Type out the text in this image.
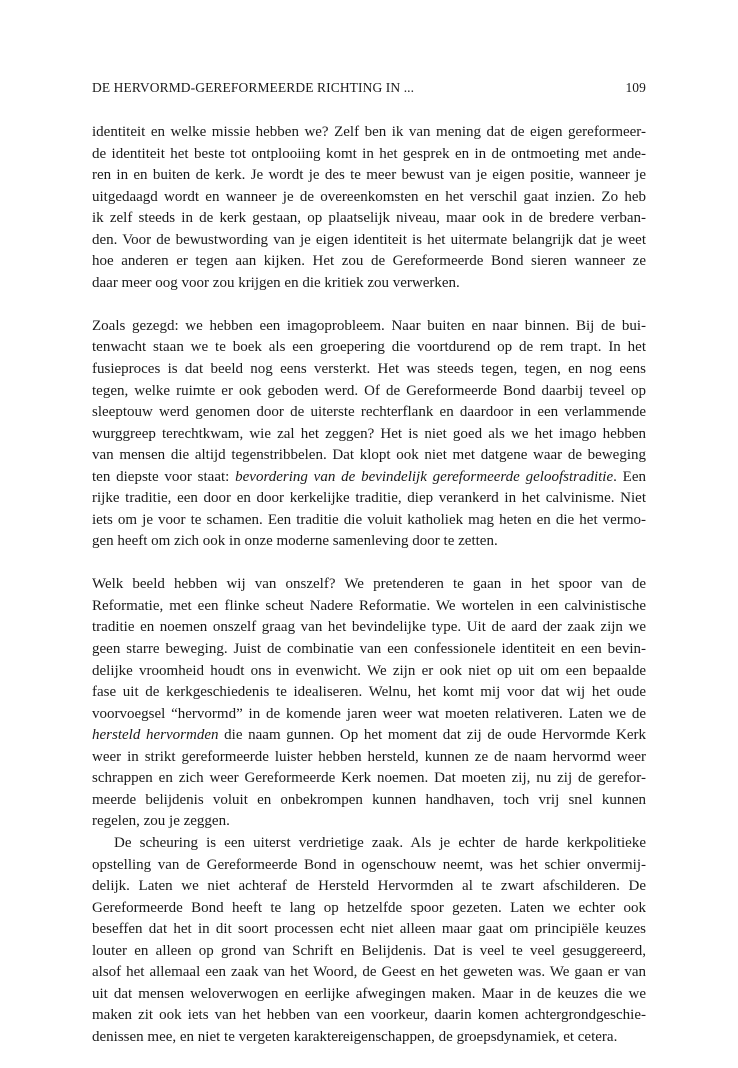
DE HERVORMD-GEREFORMEERDE RICHTING IN ...	109
identiteit en welke missie hebben we? Zelf ben ik van mening dat de eigen gereformeer-
de identiteit het beste tot ontplooiing komt in het gesprek en in de ontmoeting met ande-
ren in en buiten de kerk. Je wordt je des te meer bewust van je eigen positie, wanneer je
uitgedaagd wordt en wanneer je de overeenkomsten en het verschil gaat inzien. Zo heb
ik zelf steeds in de kerk gestaan, op plaatselijk niveau, maar ook in de bredere verban-
den. Voor de bewustwording van je eigen identiteit is het uitermate belangrijk dat je weet
hoe anderen er tegen aan kijken. Het zou de Gereformeerde Bond sieren wanneer ze
daar meer oog voor zou krijgen en die kritiek zou verwerken.
Zoals gezegd: we hebben een imagoprobleem. Naar buiten en naar binnen. Bij de bui-
tenwacht staan we te boek als een groepering die voortdurend op de rem trapt. In het
fusieproces is dat beeld nog eens versterkt. Het was steeds tegen, tegen, en nog eens
tegen, welke ruimte er ook geboden werd. Of de Gereformeerde Bond daarbij teveel op
sleeptouw werd genomen door de uiterste rechterflank en daardoor in een verlammende
wurggreep terechtkwam, wie zal het zeggen? Het is niet goed als we het imago hebben
van mensen die altijd tegenstribbelen. Dat klopt ook niet met datgene waar de beweging
ten diepste voor staat: bevordering van de bevindelijk gereformeerde geloofstraditie. Een
rijke traditie, een door en door kerkelijke traditie, diep verankerd in het calvinisme. Niet
iets om je voor te schamen. Een traditie die voluit katholiek mag heten en die het vermo-
gen heeft om zich ook in onze moderne samenleving door te zetten.
Welk beeld hebben wij van onszelf? We pretenderen te gaan in het spoor van de
Reformatie, met een flinke scheut Nadere Reformatie. We wortelen in een calvinistische
traditie en noemen onszelf graag van het bevindelijke type. Uit de aard der zaak zijn we
geen starre beweging. Juist de combinatie van een confessionele identiteit en een bevin-
delijke vroomheid houdt ons in evenwicht. We zijn er ook niet op uit om een bepaalde
fase uit de kerkgeschiedenis te idealiseren. Welnu, het komt mij voor dat wij het oude
voorvoegsel “hervormd” in de komende jaren weer wat moeten relativeren. Laten we de
hersteld hervormden die naam gunnen. Op het moment dat zij de oude Hervormde Kerk
weer in strikt gereformeerde luister hebben hersteld, kunnen ze de naam hervormd weer
schrappen en zich weer Gereformeerde Kerk noemen. Dat moeten zij, nu zij de gerefor-
meerde belijdenis voluit en onbekrompen kunnen handhaven, toch vrij snel kunnen
regelen, zou je zeggen.
De scheuring is een uiterst verdrietige zaak. Als je echter de harde kerkpolitieke
opstelling van de Gereformeerde Bond in ogenschouw neemt, was het schier onvermij-
delijk. Laten we niet achteraf de Hersteld Hervormden al te zwart afschilderen. De
Gereformeerde Bond heeft te lang op hetzelfde spoor gezeten. Laten we echter ook
beseffen dat het in dit soort processen echt niet alleen maar gaat om principiële keuzes
louter en alleen op grond van Schrift en Belijdenis. Dat is veel te veel gesuggereerd,
alsof het allemaal een zaak van het Woord, de Geest en het geweten was. We gaan er van
uit dat mensen weloverwogen en eerlijke afwegingen maken. Maar in de keuzes die we
maken zit ook iets van het hebben van een voorkeur, daarin komen achtergrondgeschie-
denissen mee, en niet te vergeten karaktereigenschappen, de groepsdynamiek, et cetera.
